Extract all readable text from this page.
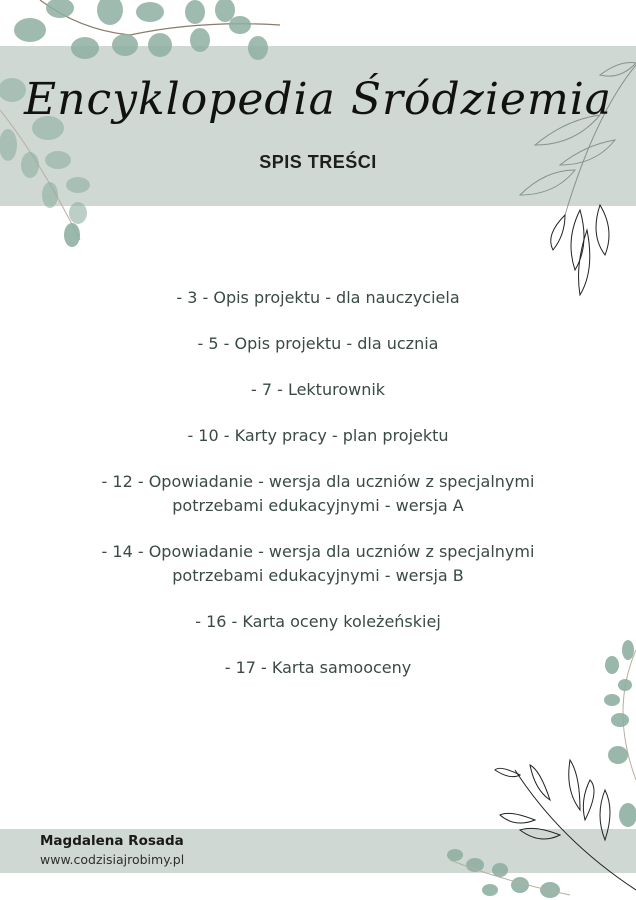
Encyklopedia Śródziemia
SPIS TREŚCI
- 3 - Opis projektu - dla nauczyciela
- 5 - Opis projektu - dla ucznia
- 7 - Lekturownik
- 10 - Karty pracy - plan projektu
- 12 - Opowiadanie - wersja dla uczniów z specjalnymi potrzebami edukacyjnymi - wersja A
- 14 - Opowiadanie - wersja dla uczniów z specjalnymi potrzebami edukacyjnymi - wersja B
- 16 - Karta oceny koleżeńskiej
- 17 - Karta samooceny
Magdalena Rosada
www.codzisiajrobimy.pl
